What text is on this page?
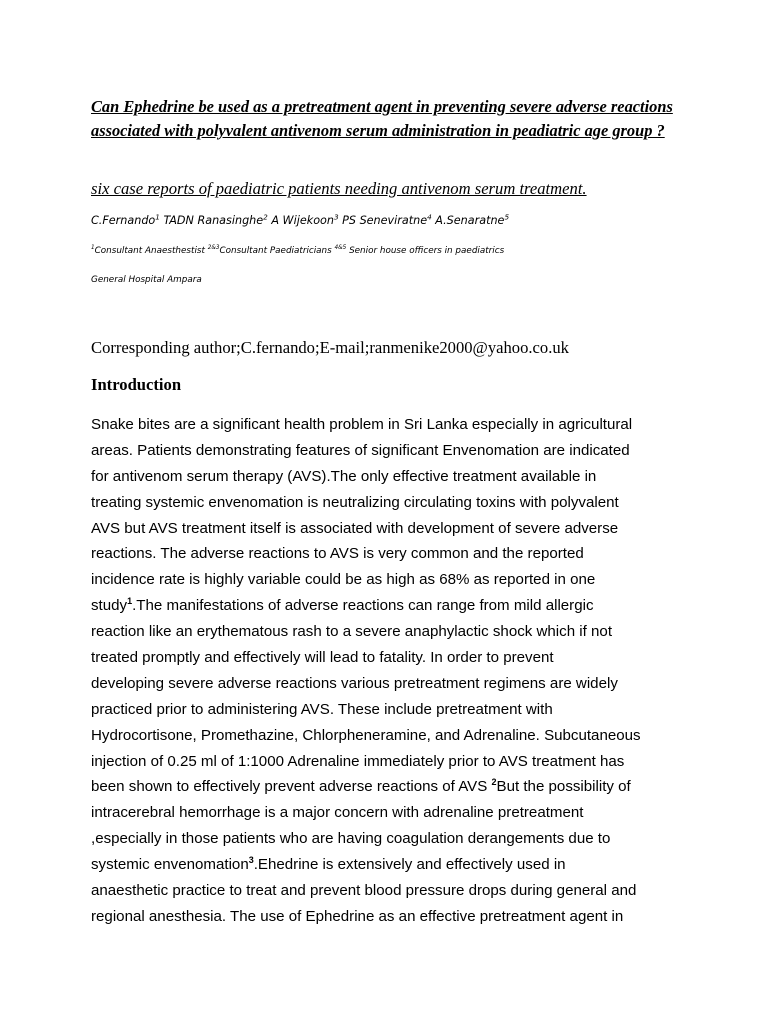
Can Ephedrine be used as a pretreatment agent in preventing severe adverse reactions associated with polyvalent antivenom serum administration in peadiatric age group ?

six case reports of paediatric patients needing antivenom serum treatment.

C.Fernando$^1$ TADN Ranasinghe$^2$ A Wijekoon$^3$ PS Seneviratne$^4$ A.Senaratne$^5$

$^1$Consultant Anaesthestist $^{2\&3}$Consultant Paediatricians $^{4\&5}$ Senior house officers in paediatrics

General Hospital Ampara

Corresponding author;C.fernando;E-mail;ranmenike2000@yahoo.co.uk

Introduction
Snake bites are a significant health problem in Sri Lanka especially in agricultural
areas. Patients demonstrating features of significant Envenomation are indicated
for antivenom serum therapy (AVS).The only effective treatment available in
treating systemic envenomation is neutralizing circulating toxins with polyvalent
AVS but AVS treatment itself is associated with development of severe adverse
reactions. The adverse reactions to AVS is very common and the reported
incidence rate is highly variable could be as high as 68% as reported in one
study$^1$.The manifestations of adverse reactions can range from mild allergic
reaction like an erythematous rash to a severe anaphylactic shock which if not
treated promptly and effectively will lead to fatality. In order to prevent
developing severe adverse reactions various pretreatment regimens are widely
practiced prior to administering AVS. These include pretreatment with
Hydrocortisone, Promethazine, Chlorpheneramine, and Adrenaline. Subcutaneous
injection of 0.25 ml of 1:1000 Adrenaline immediately prior to AVS treatment has
been shown to effectively prevent adverse reactions of AVS $^2$But the possibility of
intracerebral hemorrhage is a major concern with adrenaline pretreatment
,especially in those patients who are having coagulation derangements due to
systemic envenomation$^3$.Ehedrine is extensively and effectively used in
anaesthetic practice to treat and prevent blood pressure drops during general and
regional anesthesia. The use of Ephedrine as an effective pretreatment agent in
